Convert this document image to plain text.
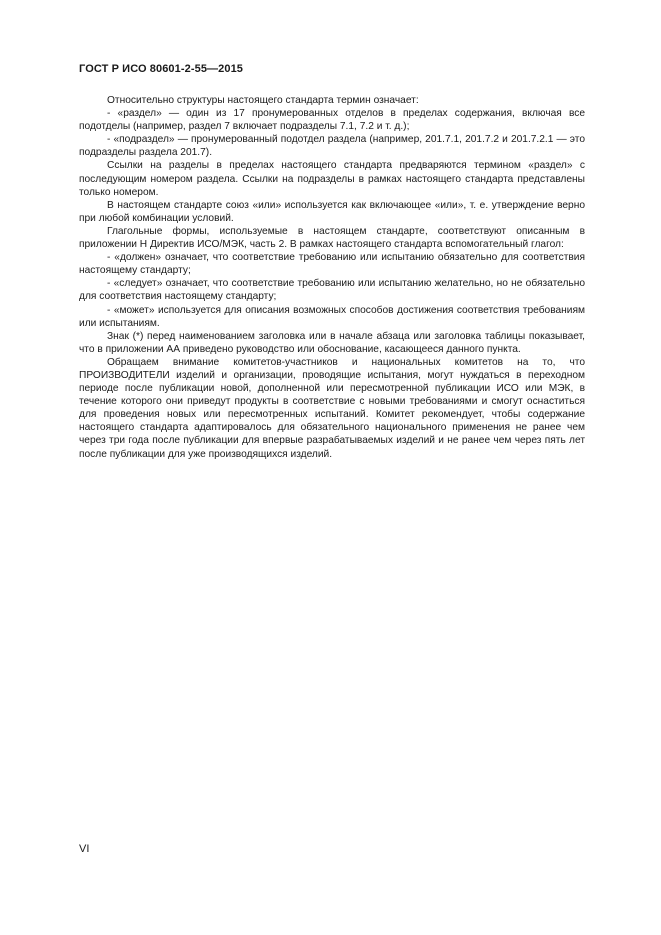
ГОСТ Р ИСО 80601-2-55—2015

Относительно структуры настоящего стандарта термин означает:

- «раздел» — один из 17 пронумерованных отделов в пределах содержания, включая все подотделы (например, раздел 7 включает подразделы 7.1, 7.2 и т. д.);

- «подраздел» — пронумерованный подотдел раздела (например, 201.7.1, 201.7.2 и 201.7.2.1 — это подразделы раздела 201.7).

Ссылки на разделы в пределах настоящего стандарта предваряются термином «раздел» с последующим номером раздела. Ссылки на подразделы в рамках настоящего стандарта представлены только номером.

В настоящем стандарте союз «или» используется как включающее «или», т. е. утверждение верно при любой комбинации условий.

Глагольные формы, используемые в настоящем стандарте, соответствуют описанным в приложении Н Директив ИСО/МЭК, часть 2. В рамках настоящего стандарта вспомогательный глагол:

- «должен» означает, что соответствие требованию или испытанию обязательно для соответствия настоящему стандарту;

- «следует» означает, что соответствие требованию или испытанию желательно, но не обязательно для соответствия настоящему стандарту;

- «может» используется для описания возможных способов достижения соответствия требованиям или испытаниям.

Знак (*) перед наименованием заголовка или в начале абзаца или заголовка таблицы показывает, что в приложении АА приведено руководство или обоснование, касающееся данного пункта.

Обращаем внимание комитетов-участников и национальных комитетов на то, что ПРОИЗВОДИТЕЛИ изделий и организации, проводящие испытания, могут нуждаться в переходном периоде после публикации новой, дополненной или пересмотренной публикации ИСО или МЭК, в течение которого они приведут продукты в соответствие с новыми требованиями и смогут оснаститься для проведения новых или пересмотренных испытаний. Комитет рекомендует, чтобы содержание настоящего стандарта адаптировалось для обязательного национального применения не ранее чем через три года после публикации для впервые разрабатываемых изделий и не ранее чем через пять лет после публикации для уже производящихся изделий.

VI
